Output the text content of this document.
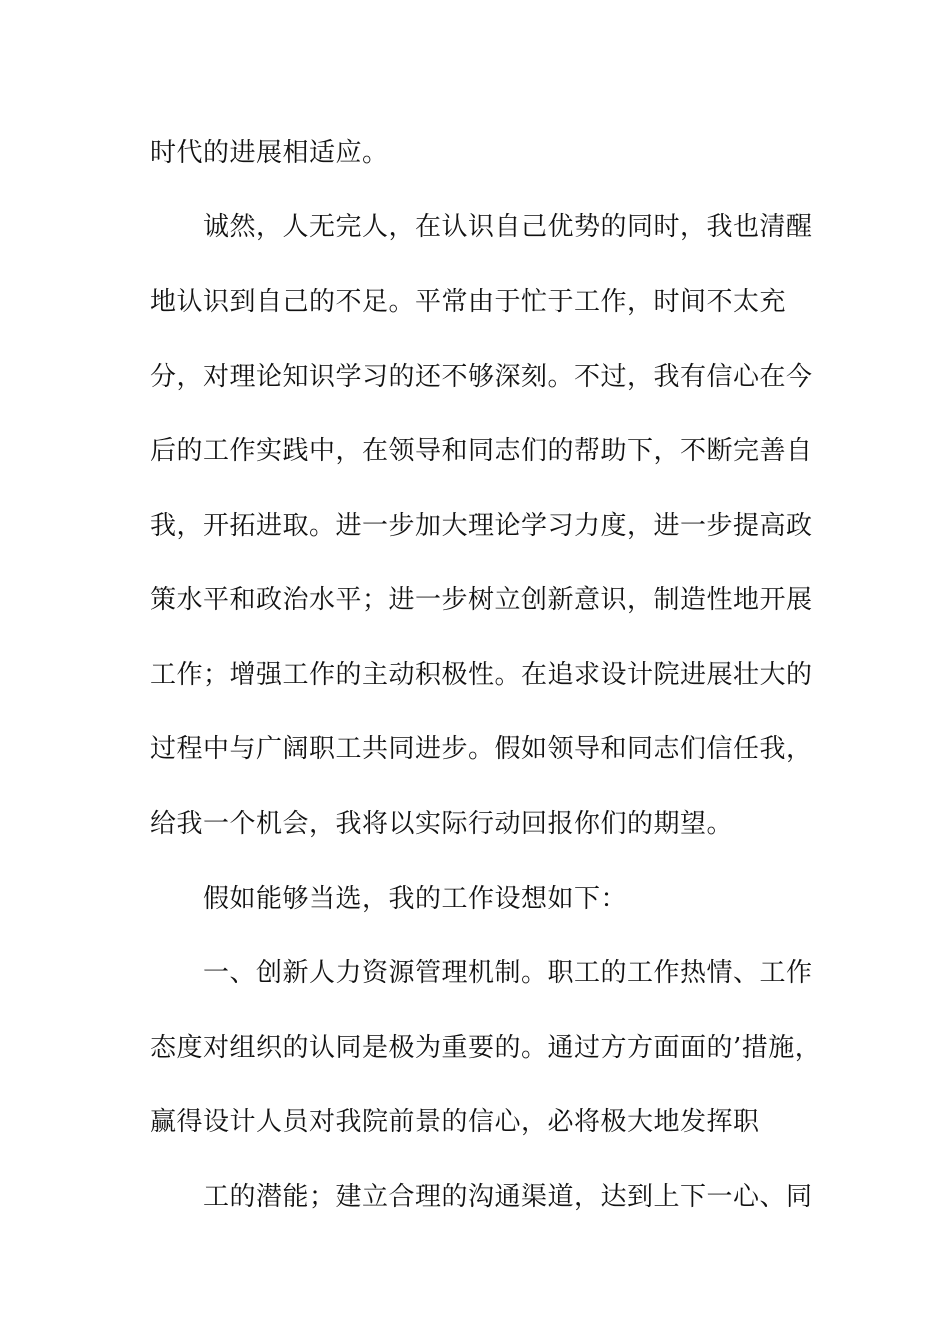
时代的进展相适应。
诚然，人无完人，在认识自己优势的同时，我也清醒
地认识到自己的不足。平常由于忙于工作，时间不太充
分，对理论知识学习的还不够深刻。不过，我有信心在今
后的工作实践中，在领导和同志们的帮助下，不断完善自
我，开拓进取。进一步加大理论学习力度，进一步提高政
策水平和政治水平；进一步树立创新意识，制造性地开展
工作；增强工作的主动积极性。在追求设计院进展壮大的
过程中与广阔职工共同进步。假如领导和同志们信任我，
给我一个机会，我将以实际行动回报你们的期望。
假如能够当选，我的工作设想如下：
一、创新人力资源管理机制。职工的工作热情、工作
态度对组织的认同是极为重要的。通过方方面面的’措施，
赢得设计人员对我院前景的信心，必将极大地发挥职
工的潜能；建立合理的沟通渠道，达到上下一心、同
